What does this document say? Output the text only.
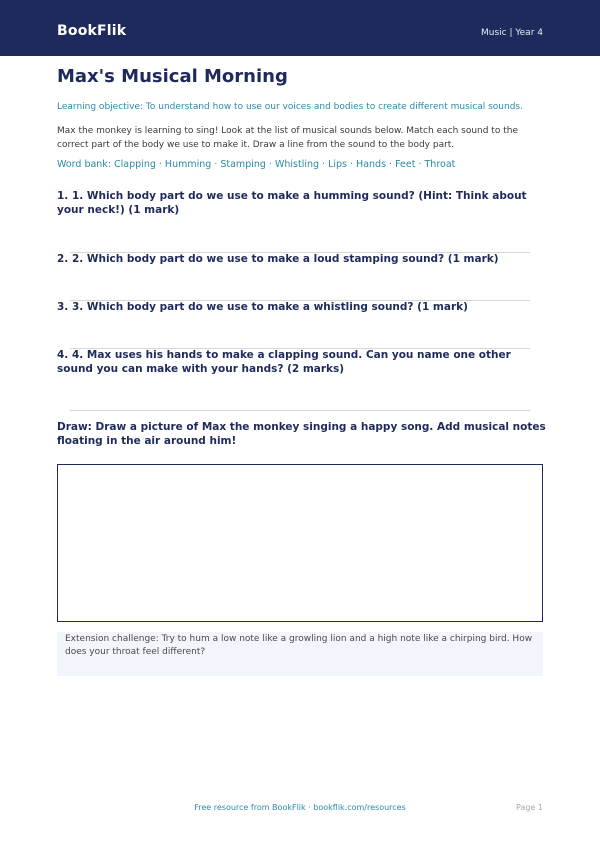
BookFlik	Music | Year 4
Max's Musical Morning
Learning objective: To understand how to use our voices and bodies to create different musical sounds.
Max the monkey is learning to sing! Look at the list of musical sounds below. Match each sound to the correct part of the body we use to make it. Draw a line from the sound to the body part.
Word bank: Clapping · Humming · Stamping · Whistling · Lips · Hands · Feet · Throat

1. 1. Which body part do we use to make a humming sound? (Hint: Think about your neck!) (1 mark)

2. 2. Which body part do we use to make a loud stamping sound? (1 mark)

3. 3. Which body part do we use to make a whistling sound? (1 mark)

4. 4. Max uses his hands to make a clapping sound. Can you name one other sound you can make with your hands? (2 marks)

Draw: Draw a picture of Max the monkey singing a happy song. Add musical notes floating in the air around him!

Extension challenge: Try to hum a low note like a growling lion and a high note like a chirping bird. How does your throat feel different?
Free resource from BookFlik · bookflik.com/resources	Page 1
